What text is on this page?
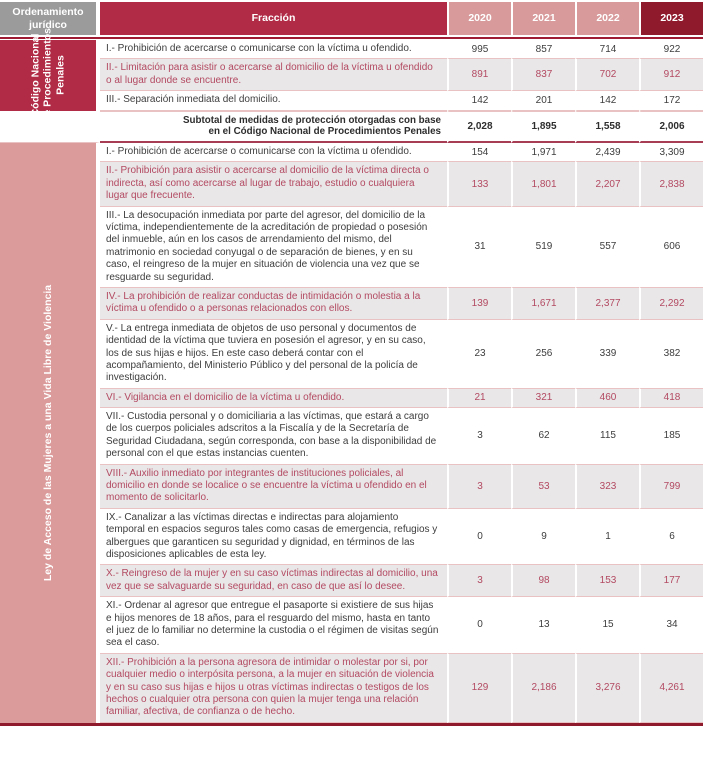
Ordenamiento jurídico	Fracción	2020	2021	2022	2023

Código Nacional de Procedimientos Penales	I.- Prohibición de acercarse o comunicarse con la víctima u ofendido.	995	857	714	922
	II.- Limitación para asistir o acercarse al domicilio de la víctima u ofendido o al lugar donde se encuentre.	891	837	702	912
	III.- Separación inmediata del domicilio.	142	201	142	172

	Subtotal de medidas de protección otorgadas con base
en el Código Nacional de Procedimientos Penales	2,028	1,895	1,558	2,006

Ley de Acceso de las Mujeres a una Vida Libre de Violencia	I.- Prohibición de acercarse o comunicarse con la víctima u ofendido.	154	1,971	2,439	3,309
	II.- Prohibición para asistir o acercarse al domicilio de la víctima directa o indirecta, así como acercarse al lugar de trabajo, estudio o cualquiera lugar que frecuente.	133	1,801	2,207	2,838
	III.- La desocupación inmediata por parte del agresor, del domicilio de la víctima, independientemente de la acreditación de propiedad o posesión del inmueble, aún en los casos de arrendamiento del mismo, del matrimonio en sociedad conyugal o de separación de bienes, y en su caso, el reingreso de la mujer en situación de violencia una vez que se resguarde su seguridad.	31	519	557	606
	IV.- La prohibición de realizar conductas de intimidación o molestia a la víctima u ofendido o a personas relacionados con ellos.	139	1,671	2,377	2,292
	V.- La entrega inmediata de objetos de uso personal y documentos de identidad de la víctima que tuviera en posesión el agresor, y en su caso, los de sus hijas e hijos. En este caso deberá contar con el acompañamiento, del Ministerio Público y del personal de la policía de investigación.	23	256	339	382
	VI.- Vigilancia en el domicilio de la víctima u ofendido.	21	321	460	418
	VII.- Custodia personal y o domiciliaria a las víctimas, que estará a cargo de los cuerpos policiales adscritos a la Fiscalía y de la Secretaría de Seguridad Ciudadana, según corresponda, con base a la disponibilidad de personal con el que estas instancias cuenten.	3	62	115	185
	VIII.- Auxilio inmediato por integrantes de instituciones policiales, al domicilio en donde se localice o se encuentre la víctima u ofendido en el momento de solicitarlo.	3	53	323	799
	IX.- Canalizar a las víctimas directas e indirectas para alojamiento temporal en espacios seguros tales como casas de emergencia, refugios y albergues que garanticen su seguridad y dignidad, en términos de las disposiciones aplicables de esta ley.	0	9	1	6
	X.- Reingreso de la mujer y en su caso víctimas indirectas al domicilio, una vez que se salvaguarde su seguridad, en caso de que así lo desee.	3	98	153	177
	XI.- Ordenar al agresor que entregue el pasaporte si existiere de sus hijas e hijos menores de 18 años, para el resguardo del mismo, hasta en tanto el juez de lo familiar no determine la custodia o el régimen de visitas según sea el caso.	0	13	15	34
	XII.- Prohibición a la persona agresora de intimidar o molestar por si, por cualquier medio o interpósita persona, a la mujer en situación de violencia y en su caso sus hijas e hijos u otras víctimas indirectas o testigos de los hechos o cualquier otra persona con quien la mujer tenga una relación familiar, afectiva, de confianza o de hecho.	129	2,186	3,276	4,261
